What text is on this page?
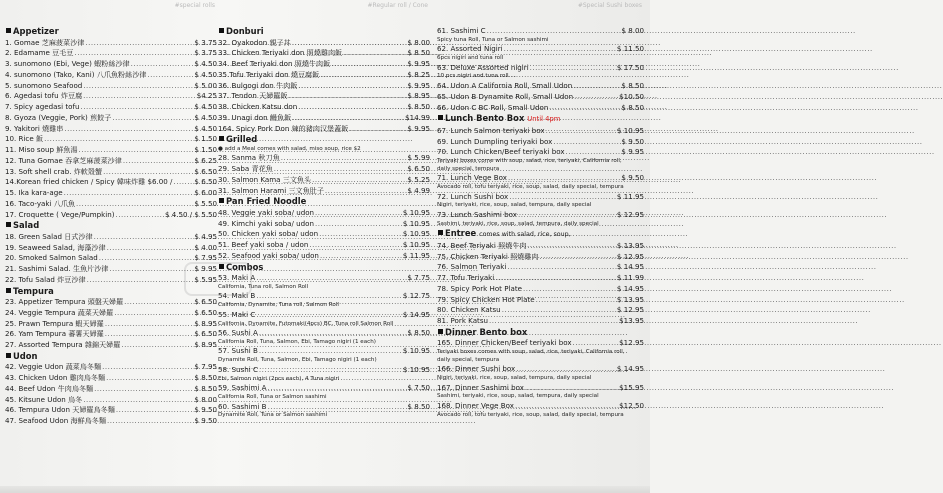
#special rolls
Appetizer
1. Gomae 芝麻菠菜沙律 .....	$ 3.75
2. Edamame 豆毛豆 .....	$ 3.75
3. sunomono (Ebi, Vege) 蝦粉絲沙律 .....	$ 4.50
4. sunomono (Tako, Kani) 八爪魚粉絲沙律 .....	$ 4.50
5. sunomono Seafood .....	$ 5.00
6. Agedasi tofu 炸豆腐 .....	$4.25
7. Spicy agedasi tofu .....	$ 4.50
8. Gyoza (Veggie, Pork) 煎餃子 .....	$ 4.50
9. Yakitori 燒雞串 .....	$ 4.50
10. Rice 飯 .....	$ 1.50
11. Miso soup 鮮魚湯 .....	$ 1.50
12. Tuna Gomae 吞拿芝麻菠菜沙律 .....	$ 6.25
13. Soft shell crab. 炸軟殼蟹 .....	$ 6.50
14.Korean fried chicken / Spicy 韓味炸雞 $6.00 / .....	$ 6.50
15. Ika kara-age .....	$ 6.00
16. Taco-yaki 八爪魚 .....	$ 5.50
17. Croquette ( Vege/Pumpkin) .....	$ 4.50 / $ 5.50
Salad
18. Green Salad 日式沙律 .....	$ 4.95
19. Seaweed Salad, 海藻沙律 .....	$ 4.00
20. Smoked Salmon Salad .....	$ 7.95
21. Sashimi Salad. 生魚片沙律 .....	$ 9.95
22. Tofu Salad 炸豆沙律 .....	$ 5.95
Tempura
23. Appetizer Tempura 頭盤天婦羅 .....	$ 6.50
24. Veggie Tempura 蔬菜天婦羅 .....	$ 6.50
25. Prawn Tempura 蝦天婦羅 .....	$ 8.95
26. Yam Tempura 蕃薯天婦羅 .....	$ 6.50
27. Assorted Tempura 雜錦天婦羅 .....	$ 8.95
Udon
42. Veggie Udon 蔬菜烏冬麵 .....	$ 7.95
43. Chicken Udon 雞肉烏冬麵 .....	$ 8.50
44. Beef Udon 牛肉烏冬麵 .....	$ 8.50
45. Kitsune Udon 烏冬 .....	$ 8.00
46. Tempura Udon 天婦羅烏冬麵 .....	$ 9.50
47. Seafood Udon 海鮮烏冬麵 .....	$ 9.50
#Regular roll / Cone
Donburi
32. Oyakodon 親子丼 .....	$ 8.00
33. Chicken Teriyaki don 照燒雞肉飯 .....	$ 8.50
34. Beef Teriyaki don 照燒牛肉飯 .....	$ 9.95
35.Tofu Teriyaki don 燒豆腐飯 .....	$ 8.25
36. Bulgogi don 牛肉飯 .....	$ 9.95
37. Tendon 天婦羅飯 .....	$ 8.95
38. Chicken Katsu don .....	$ 8.50
39. Unagi don 鰻魚飯 .....	$14.99
164. Spicy Pork Don 辣的豬肉汉堡蓋飯 .....	$ 9.95
Grilled
● add a Meal comes with salad, miso soup, rice $2
28. Sanma 秋刀魚 .....	$ 5.99
29. Saba 青花魚 .....	$ 6.50
30. Salmon Kama 三文魚头 .....	$ 5.25
31. Salmon Harami 三文魚肚子 .....	$ 4.99
Pan Fried Noodle
48. Veggie yaki soba/ udon .....	$ 10.95
49. Kimchi yaki soba/ udon .....	$ 10.95
50. Chicken yaki soba/ udon .....	$ 10.95
51. Beef yaki soba / udon .....	$ 10.95
52. Seafood yaki soba/ udon .....	$ 11.95
Combos
53. Maki A .....	$ 7.75
California, Tuna roll, Salmon Roll
54. Maki B .....	$ 12.75
California, Dynamite, Tuna roll, Salmon Roll
55. Maki C .....	$ 14.95
California, Dynamite, Futomaki(4pcs) BC, Tuna roll Salmon Roll
56. Sushi A .....	$ 8.50
California Roll, Tuna, Salmon, Ebi, Tamago nigiri (1 each)
57. Sushi B .....	$ 10.95
Dynamite Roll, Tuna, Salmon, Ebi, Tamago nigiri (1 each)
58. Sushi C .....	$ 10.95
Ebi, Salmon nigiri (2pcs each), 4 Tuna nigiri
59. Sashimi A .....	$ 7.50
California Roll, Tuna or Salmon sashimi
60. Sashimi B .....	$ 8.50
Dynamite Roll, Tuna or Salmon sashimi
#Special Sushi boxes
61. Sashimi C .....	$ 8.00
Spicy tuna Roll, Tuna or Salmon sashimi
62. Assorted Nigiri .....	$ 11.50
6pcs nigiri and tuna roll
63. Deluxe Assorted nigiri .....	$ 17.50
10 pcs nigiri and tuna roll
64. Udon A California Roll, Small Udon .....	$ 8.50
65. Udon B Dynamite Roll, Small Udon .....	$10.50
66. Udon C BC Roll, Small Udon .....	$ 8.50
Lunch Bento Box Until 4pm
67. Lunch Salmon teriyaki box .....	$ 10.95
69. Lunch Dumpling teriyaki box .....	$ 9.50
70. Lunch Chicken/Beef teriyaki box .....	$ 9.95
Teriyaki boxes come with soup, salad, rice, teriyaki, California roll,
daily special, tempura
71. Lunch Vege Box .....	$ 9.50
Avocado roll, tofu teriyaki, rice, soup, salad, daily special, tempura
72. Lunch Sushi box .....	$ 11.95
Nigiri, teriyaki, rice, soup, salad, tempura, daily special
73. Lunch Sashimi box .....	$ 12.95
Sashimi, teriyaki, rice, soup, salad, tempura, daily special
Entree comes with salad, rice, soup,
74. Beef Teriyaki 照燒牛肉 .....	$ 13.95
75. Chicken Teriyaki 照燒雞肉 .....	$ 12.95
76. Salmon Teriyaki .....	$ 14.95
77. Tofu Teriyaki .....	$ 11.99
78. Spicy Pork Hot Plate .....	$ 14.95
79. Spicy Chicken Hot Plate .....	$ 13.95
80. Chicken Katsu .....	$ 12.95
81. Pork Katsu .....	$13.95
Dinner Bento box
165. Dinner Chicken/Beef teriyaki box .....	$12.95
Teriyaki boxes comes with soup, salad, rice, teriyaki, California roll,
daily special, tempura
166. Dinner Sushi box .....	$ 14.95
Nigiri, teriyaki, rice, soup, salad, tempura, daily special
167. Dinner Sashimi box .....	$15.95
Sashimi, teriyaki, rice, soup, salad, tempura, daily special
168. Dinner Vege Box .....	$12.50
Avocado roll, tofu teriyaki, rice, soup, salad, daily special, tempura
